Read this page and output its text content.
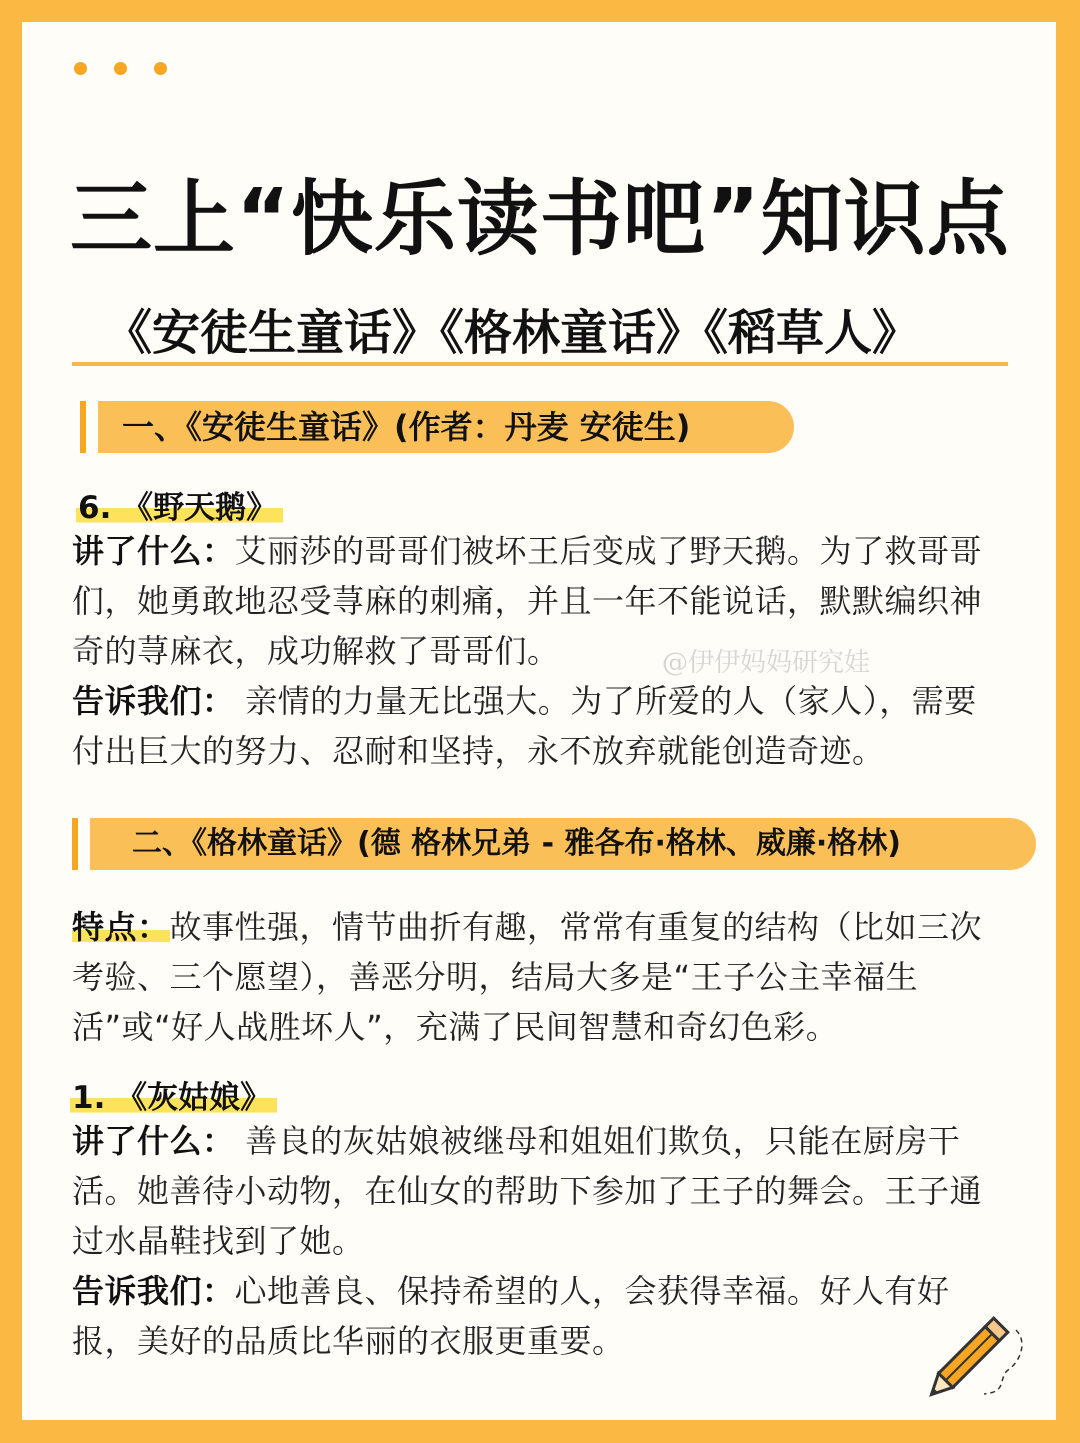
三上“快乐读书吧”知识点
《安徒生童话》《格林童话》《稻草人》
一、《安徒生童话》(作者：丹麦 安徒生)
6. 《野天鹅》

讲了什么：艾丽莎的哥哥们被坏王后变成了野天鹅。为了救哥哥们，她勇敢地忍受荨麻的刺痛，并且一年不能说话，默默编织神奇的荨麻衣，成功解救了哥哥们。

告诉我们： 亲情的力量无比强大。为了所爱的人（家人），需要付出巨大的努力、忍耐和坚持，永不放弃就能创造奇迹。

二、《格林童话》(德 格林兄弟 - 雅各布·格林、威廉·格林)

特点：故事性强，情节曲折有趣，常常有重复的结构（比如三次考验、三个愿望），善恶分明，结局大多是“王子公主幸福生活”或“好人战胜坏人”，充满了民间智慧和奇幻色彩。

1. 《灰姑娘》

讲了什么： 善良的灰姑娘被继母和姐姐们欺负，只能在厨房干活。她善待小动物，在仙女的帮助下参加了王子的舞会。王子通过水晶鞋找到了她。

告诉我们：心地善良、保持希望的人，会获得幸福。好人有好报，美好的品质比华丽的衣服更重要。

@伊伊妈妈研究娃
